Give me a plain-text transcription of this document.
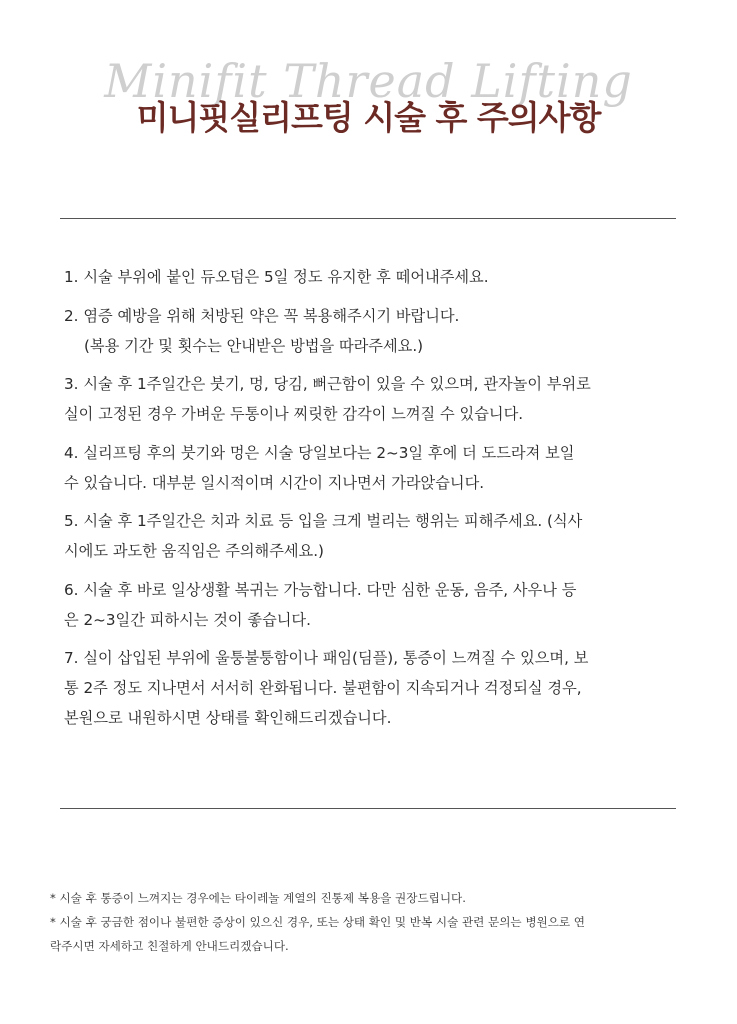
Minifit Thread Lifting
미니핏실리프팅 시술 후 주의사항
1. 시술 부위에 붙인 듀오덤은 5일 정도 유지한 후 떼어내주세요.
2. 염증 예방을 위해 처방된 약은 꼭 복용해주시기 바랍니다.
(복용 기간 및 횟수는 안내받은 방법을 따라주세요.)
3. 시술 후 1주일간은 붓기, 멍, 당김, 뻐근함이 있을 수 있으며, 관자놀이 부위로
실이 고정된 경우 가벼운 두통이나 찌릿한 감각이 느껴질 수 있습니다.
4. 실리프팅 후의 붓기와 멍은 시술 당일보다는 2~3일 후에 더 도드라져 보일
수 있습니다. 대부분 일시적이며 시간이 지나면서 가라앉습니다.
5. 시술 후 1주일간은 치과 치료 등 입을 크게 벌리는 행위는 피해주세요. (식사
시에도 과도한 움직임은 주의해주세요.)
6. 시술 후 바로 일상생활 복귀는 가능합니다. 다만 심한 운동, 음주, 사우나 등
은 2~3일간 피하시는 것이 좋습니다.
7. 실이 삽입된 부위에 울퉁불퉁함이나 패임(딤플), 통증이 느껴질 수 있으며, 보
통 2주 정도 지나면서 서서히 완화됩니다. 불편함이 지속되거나 걱정되실 경우,
본원으로 내원하시면 상태를 확인해드리겠습니다.
* 시술 후 통증이 느껴지는 경우에는 타이레놀 계열의 진통제 복용을 권장드립니다.
* 시술 후 궁금한 점이나 불편한 증상이 있으신 경우, 또는 상태 확인 및 반복 시술 관련 문의는 병원으로 연
락주시면 자세하고 친절하게 안내드리겠습니다.
